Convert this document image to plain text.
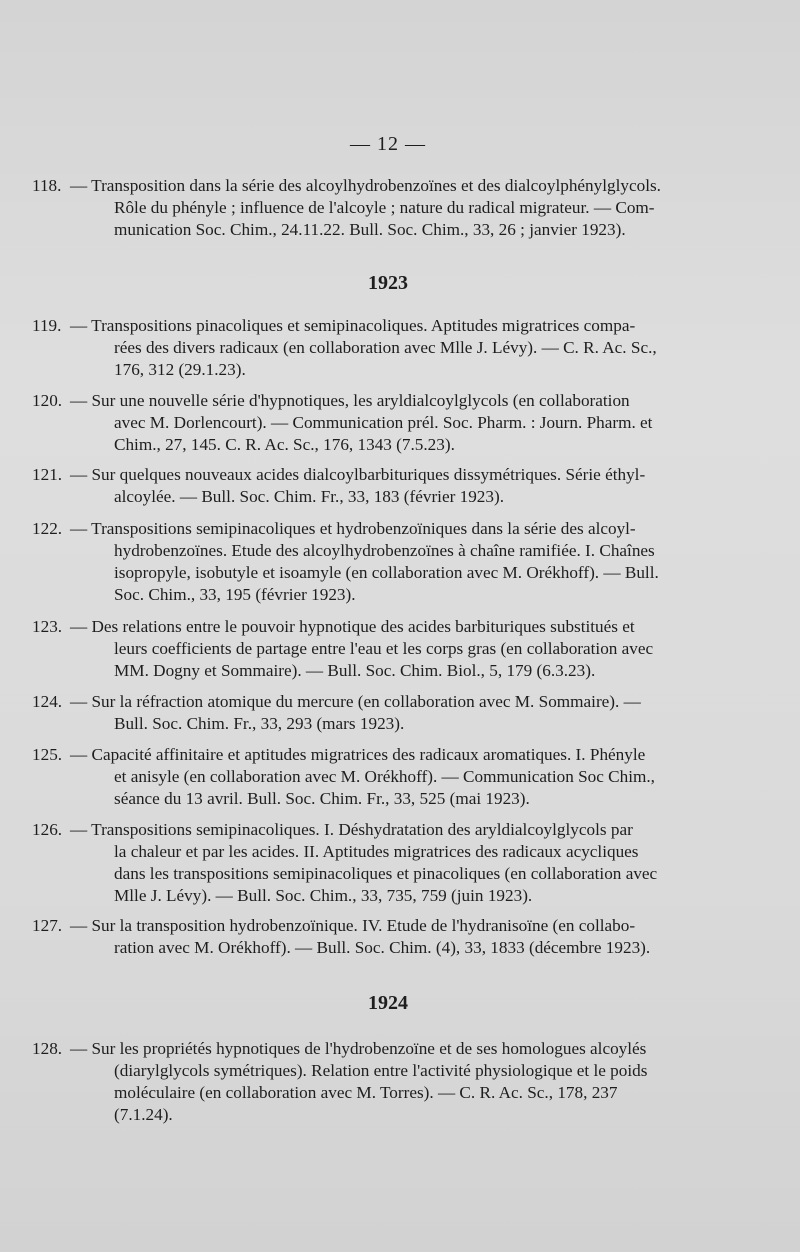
— 12 —
118. — Transposition dans la série des alcoylhydrobenzoïnes et des dialcoylphénylglycols.
Rôle du phényle ; influence de l'alcoyle ; nature du radical migrateur. — Com-
munication Soc. Chim., 24.11.22. Bull. Soc. Chim., 33, 26 ; janvier 1923).
1923
119. — Transpositions pinacoliques et semipinacoliques. Aptitudes migratrices compa-
rées des divers radicaux (en collaboration avec Mlle J. Lévy). — C. R. Ac. Sc.,
176, 312 (29.1.23).
120. — Sur une nouvelle série d'hypnotiques, les aryldialcoylglycols (en collaboration
avec M. Dorlencourt). — Communication prél. Soc. Pharm. : Journ. Pharm. et
Chim., 27, 145. C. R. Ac. Sc., 176, 1343 (7.5.23).
121. — Sur quelques nouveaux acides dialcoylbarbituriques dissymétriques. Série éthyl-
alcoylée. — Bull. Soc. Chim. Fr., 33, 183 (février 1923).
122. — Transpositions semipinacoliques et hydrobenzoïniques dans la série des alcoyl-
hydrobenzoïnes. Etude des alcoylhydrobenzoïnes à chaîne ramifiée. I. Chaînes
isopropyle, isobutyle et isoamyle (en collaboration avec M. Orékhoff). — Bull.
Soc. Chim., 33, 195 (février 1923).
123. — Des relations entre le pouvoir hypnotique des acides barbituriques substitués et
leurs coefficients de partage entre l'eau et les corps gras (en collaboration avec
MM. Dogny et Sommaire). — Bull. Soc. Chim. Biol., 5, 179 (6.3.23).
124. — Sur la réfraction atomique du mercure (en collaboration avec M. Sommaire). —
Bull. Soc. Chim. Fr., 33, 293 (mars 1923).
125. — Capacité affinitaire et aptitudes migratrices des radicaux aromatiques. I. Phényle
et anisyle (en collaboration avec M. Orékhoff). — Communication Soc Chim.,
séance du 13 avril. Bull. Soc. Chim. Fr., 33, 525 (mai 1923).
126. — Transpositions semipinacoliques. I. Déshydratation des aryldialcoylglycols par
la chaleur et par les acides. II. Aptitudes migratrices des radicaux acycliques
dans les transpositions semipinacoliques et pinacoliques (en collaboration avec
Mlle J. Lévy). — Bull. Soc. Chim., 33, 735, 759 (juin 1923).
127. — Sur la transposition hydrobenzoïnique. IV. Etude de l'hydranisoïne (en collabo-
ration avec M. Orékhoff). — Bull. Soc. Chim. (4), 33, 1833 (décembre 1923).
1924
128. — Sur les propriétés hypnotiques de l'hydrobenzoïne et de ses homologues alcoylés
(diarylglycols symétriques). Relation entre l'activité physiologique et le poids
moléculaire (en collaboration avec M. Torres). — C. R. Ac. Sc., 178, 237
(7.1.24).
